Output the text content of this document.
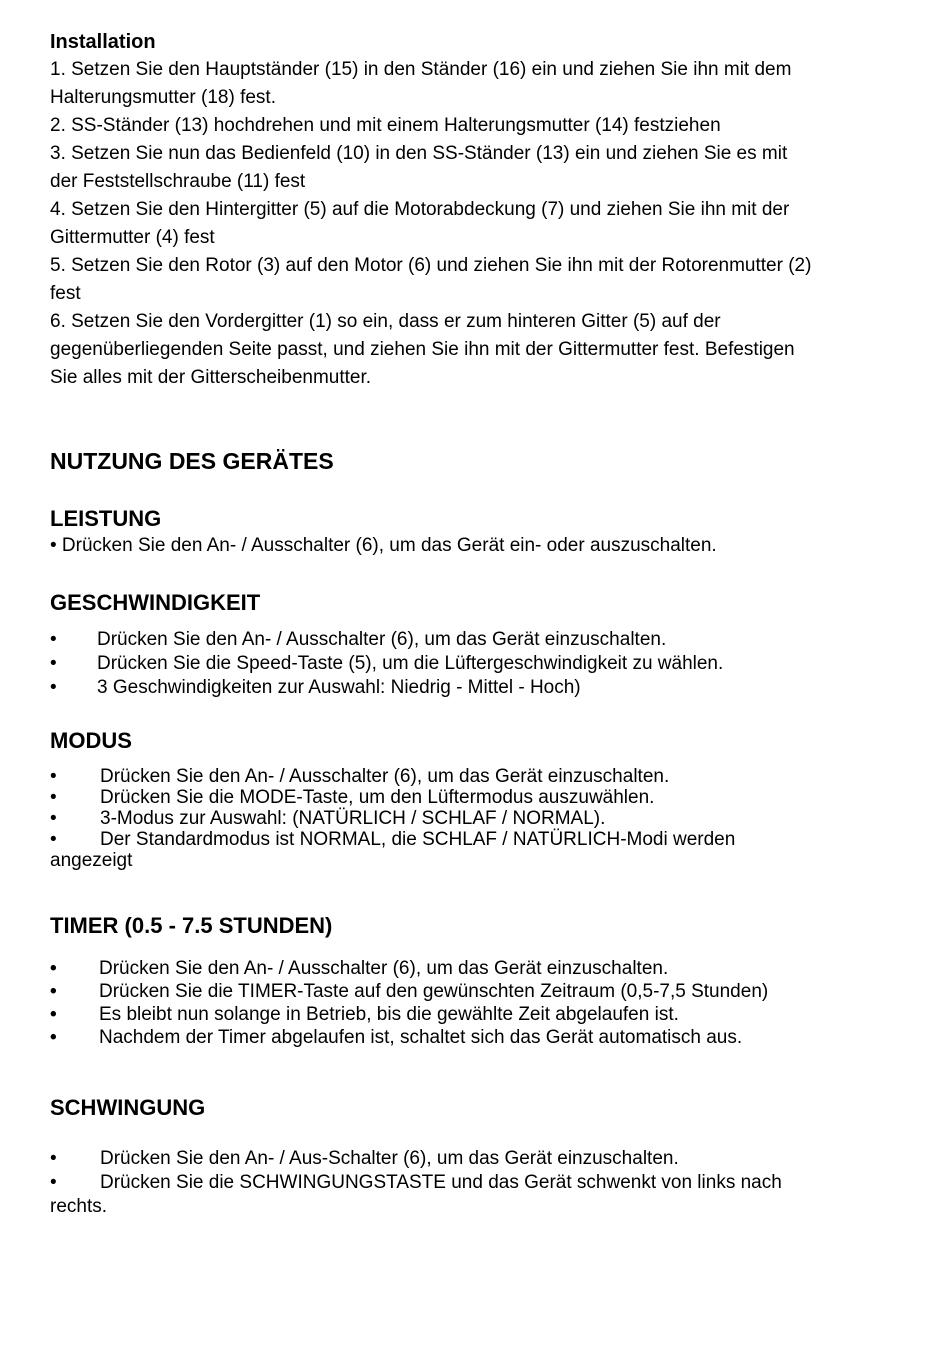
Installation

1. Setzen Sie den Hauptständer (15) in den Ständer (16) ein und ziehen Sie ihn mit dem

Halterungsmutter (18) fest.

2. SS-Ständer (13) hochdrehen und mit einem Halterungsmutter (14) festziehen

3. Setzen Sie nun das Bedienfeld (10) in den SS-Ständer (13) ein und ziehen Sie es mit

der Feststellschraube (11) fest

4. Setzen Sie den Hintergitter (5) auf die Motorabdeckung (7) und ziehen Sie ihn mit der

Gittermutter (4) fest

5. Setzen Sie den Rotor (3) auf den Motor (6) und ziehen Sie ihn mit der Rotorenmutter (2)

fest

6. Setzen Sie den Vordergitter (1) so ein, dass er zum hinteren Gitter (5) auf der

gegenüberliegenden Seite passt, und ziehen Sie ihn mit der Gittermutter fest. Befestigen

Sie alles mit der Gitterscheibenmutter.

NUTZUNG DES GERÄTES
LEISTUNG

• Drücken Sie den An- / Ausschalter (6), um das Gerät ein- oder auszuschalten.

GESCHWINDIGKEIT
• Drücken Sie den An- / Ausschalter (6), um das Gerät einzuschalten.
• Drücken Sie die Speed-Taste (5), um die Lüftergeschwindigkeit zu wählen.
• 3 Geschwindigkeiten zur Auswahl: Niedrig - Mittel - Hoch)
MODUS
• Drücken Sie den An- / Ausschalter (6), um das Gerät einzuschalten.
• Drücken Sie die MODE-Taste, um den Lüftermodus auszuwählen.
• 3-Modus zur Auswahl: (NATÜRLICH / SCHLAF / NORMAL).
• Der Standardmodus ist NORMAL, die SCHLAF / NATÜRLICH-Modi werden
angezeigt
TIMER (0.5 - 7.5 STUNDEN)
• Drücken Sie den An- / Ausschalter (6), um das Gerät einzuschalten.
• Drücken Sie die TIMER-Taste auf den gewünschten Zeitraum (0,5-7,5 Stunden)
• Es bleibt nun solange in Betrieb, bis die gewählte Zeit abgelaufen ist.
• Nachdem der Timer abgelaufen ist, schaltet sich das Gerät automatisch aus.
SCHWINGUNG
• Drücken Sie den An- / Aus-Schalter (6), um das Gerät einzuschalten.
• Drücken Sie die SCHWINGUNGSTASTE und das Gerät schwenkt von links nach
rechts.
